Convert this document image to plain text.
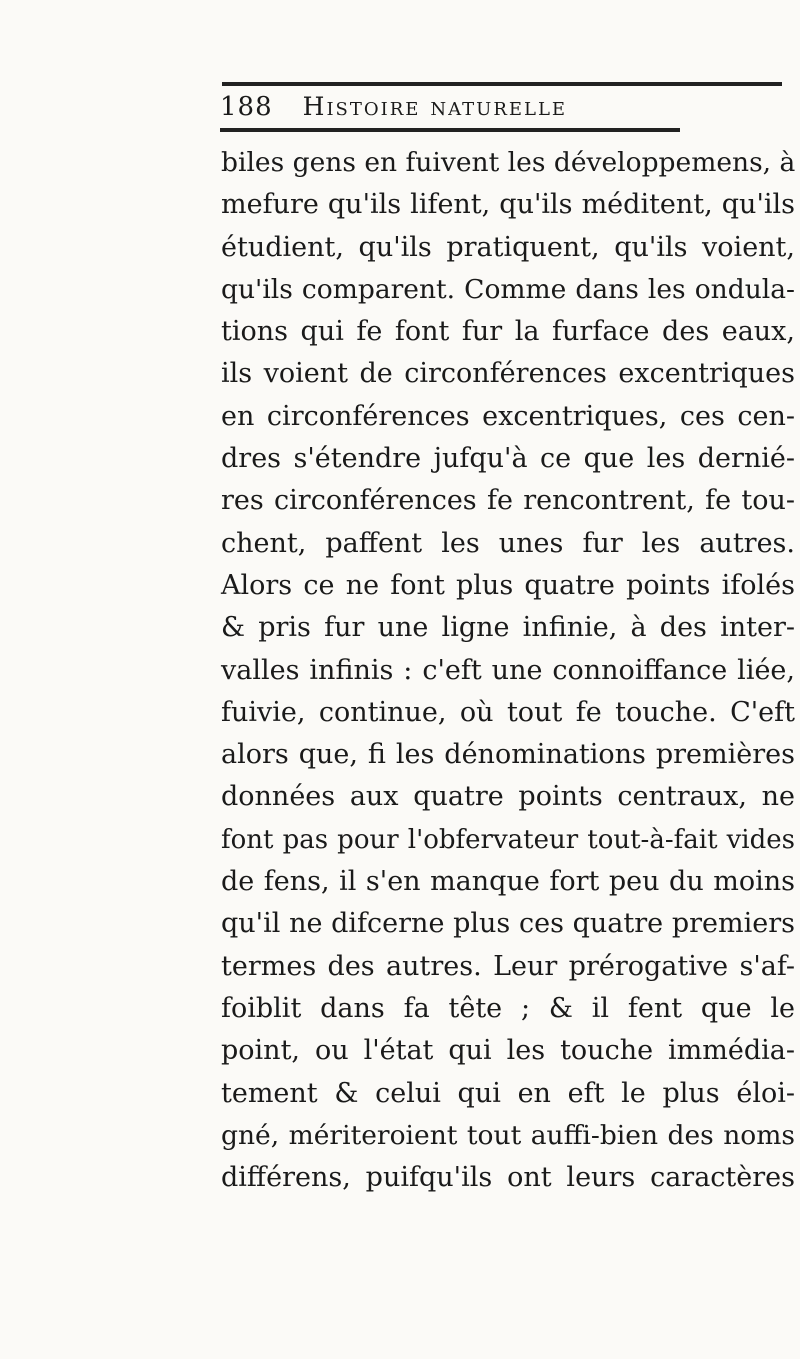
188 Histoire naturelle
biles gens en fuivent les développemens, à
mefure qu'ils lifent, qu'ils méditent, qu'ils
étudient, qu'ils pratiquent, qu'ils voient,
qu'ils comparent. Comme dans les ondula-
tions qui fe font fur la furface des eaux,
ils voient de circonférences excentriques
en circonférences excentriques, ces cen-
dres s'étendre jufqu'à ce que les dernié-
res circonférences fe rencontrent, fe tou-
chent, paffent les unes fur les autres.
Alors ce ne font plus quatre points ifolés
& pris fur une ligne infinie, à des inter-
valles infinis : c'eft une connoiffance liée,
fuivie, continue, où tout fe touche. C'eft
alors que, fi les dénominations premières
données aux quatre points centraux, ne
font pas pour l'obfervateur tout-à-fait vides
de fens, il s'en manque fort peu du moins
qu'il ne difcerne plus ces quatre premiers
termes des autres. Leur prérogative s'af-
foiblit dans fa tête ; & il fent que le
point, ou l'état qui les touche immédia-
tement & celui qui en eft le plus éloi-
gné, mériteroient tout auffi-bien des noms
différens, puifqu'ils ont leurs caractères
